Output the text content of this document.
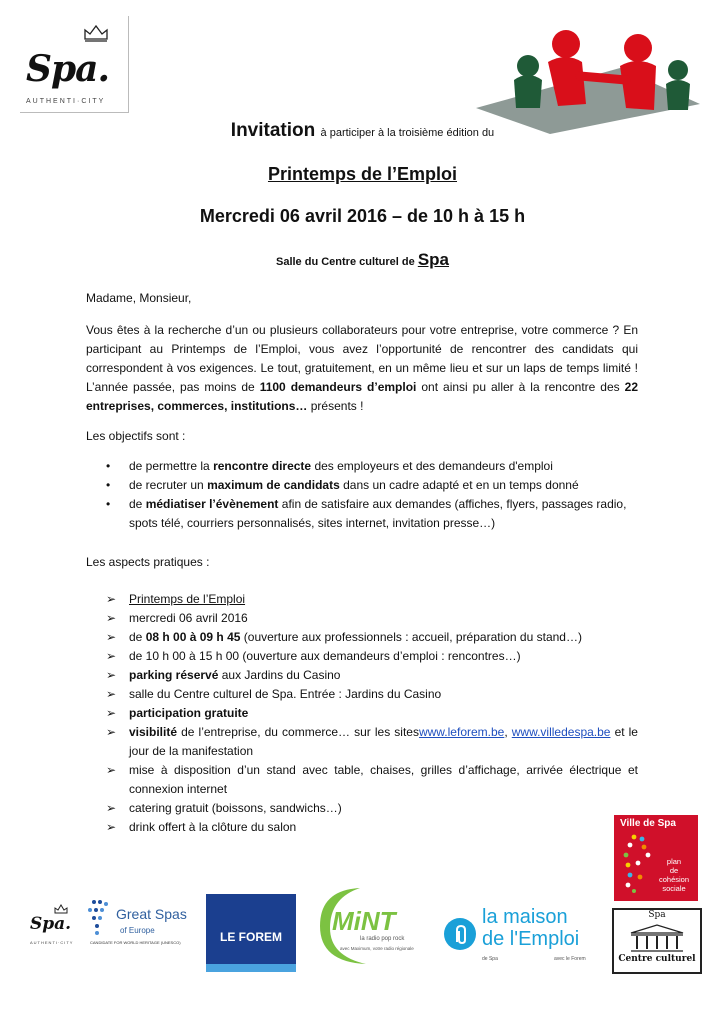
Spa.
AUTHENTI·CITY
Invitation à participer à la troisième édition du
Printemps de l’Emploi
Mercredi 06 avril 2016 – de 10 h à 15 h
Salle du Centre culturel de Spa
Madame, Monsieur,
Vous êtes à la recherche d’un ou plusieurs collaborateurs pour votre entreprise, votre commerce ? En participant au Printemps de l’Emploi, vous avez l’opportunité de rencontrer des candidats qui correspondent à vos exigences. Le tout, gratuitement, en un même lieu et sur un laps de temps limité ! L’année passée, pas moins de 1100 demandeurs d’emploi ont ainsi pu aller à la rencontre des 22 entreprises, commerces, institutions… présents !
Les objectifs sont :
•	de permettre la rencontre directe des employeurs et des demandeurs d'emploi
•	de recruter un maximum de candidats dans un cadre adapté et en un temps donné
•	de médiatiser l’évènement afin de satisfaire aux demandes (affiches, flyers, passages radio, spots télé, courriers personnalisés, sites internet, invitation presse…)
Les aspects pratiques :
➢	Printemps de l’Emploi
➢	mercredi 06 avril 2016
➢	de 08 h 00 à 09 h 45 (ouverture aux professionnels : accueil, préparation du stand…)
➢	de 10 h 00 à 15 h 00 (ouverture aux demandeurs d’emploi : rencontres…)
➢	parking réservé aux Jardins du Casino
➢	salle du Centre culturel de Spa. Entrée : Jardins du Casino
➢	participation gratuite
➢	visibilité de l’entreprise, du commerce… sur les siteswww.leforem.be, www.villedespa.be et le jour de la manifestation
➢	mise à disposition d’un stand avec table, chaises, grilles d’affichage, arrivée électrique et connexion internet
➢	catering gratuit (boissons, sandwichs…)
➢	drink offert à la clôture du salon	Ville de Spa
plan
de
cohésion
sociale
Spa.
AUTHENTI·CITY
Great Spas
of Europe
CANDIDATE FOR WORLD HERITAGE (UNESCO)	LE FOREM
MiNT
la radio pop rock
avec Maximum, votre radio régionale
la maison
de l'Emploi
de Spa	avec le Forem
Spa
Centre culturel
